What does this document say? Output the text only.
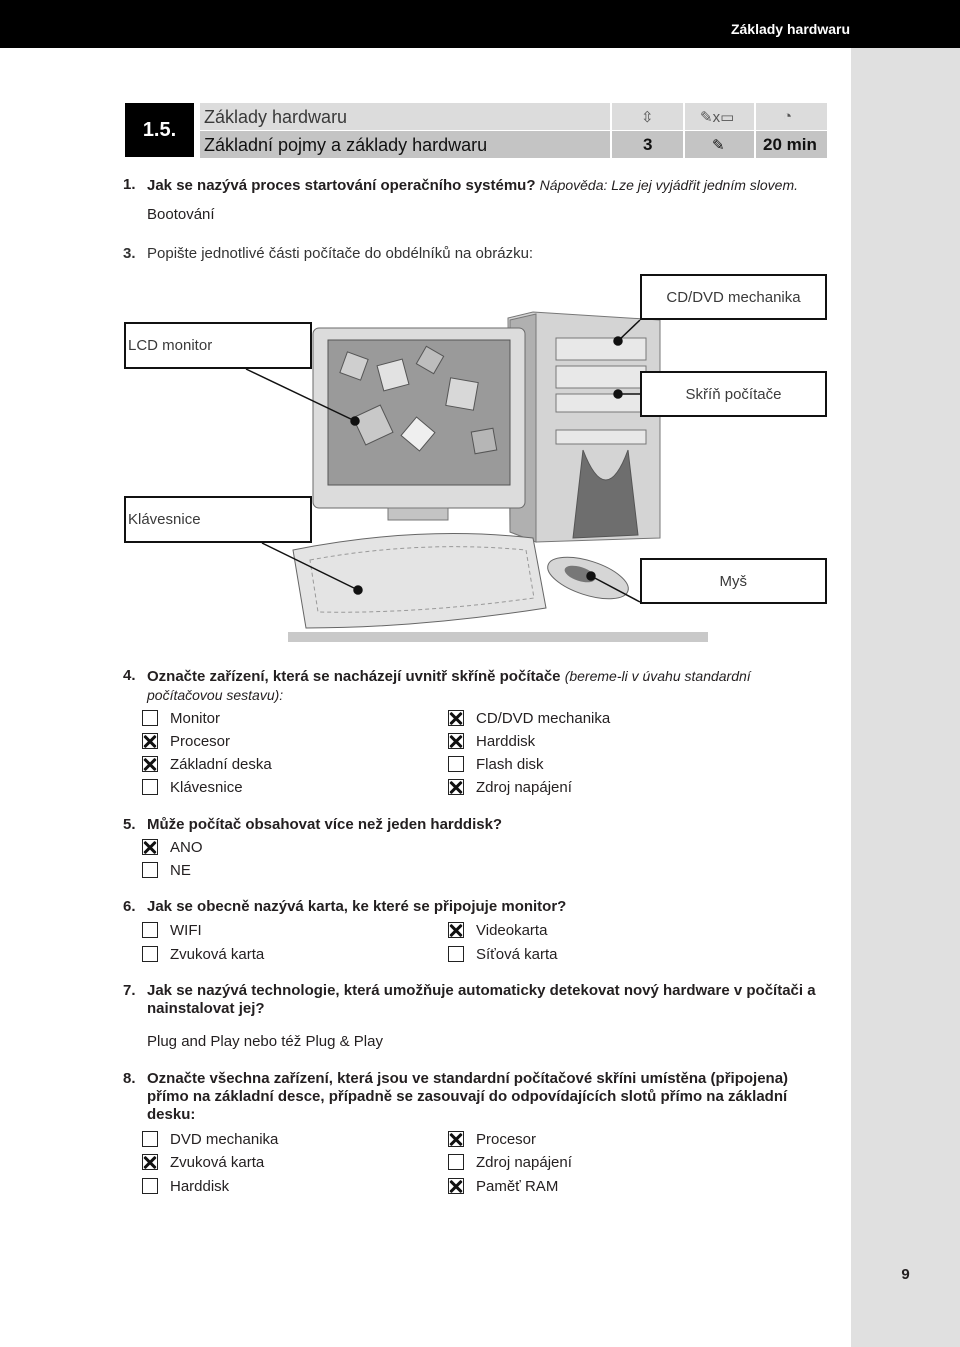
Základy hardwaru
9
1.5.
Základy hardwaru	⇳	✎x▭	◔
Základní pojmy a základy hardwaru	3	✎ 20 min
1. Jak se nazývá proces startování operačního systému? Nápověda: Lze jej vyjádřit jedním slovem.
Bootování
3. Popište jednotlivé části počítače do obdélníků na obrázku:
CD/DVD mechanika
LCD monitor
Skříň počítače
Klávesnice
Myš
4. Označte zařízení, která se nacházejí uvnitř skříně počítače (bereme-li v úvahu standardní počítačovou sestavu):
Monitor
Procesor
Základní deska
Klávesnice
CD/DVD mechanika
Harddisk
Flash disk
Zdroj napájení
5. Může počítač obsahovat více než jeden harddisk?
ANO
NE
6. Jak se obecně nazývá karta, ke které se připojuje monitor?
WIFI
Zvuková karta
Videokarta
Síťová karta
7. Jak se nazývá technologie, která umožňuje automaticky detekovat nový hardware v počítači a nainstalovat jej?
Plug and Play nebo též Plug & Play
8. Označte všechna zařízení, která jsou ve standardní počítačové skříni umístěna (připojena) přímo na základní desce, případně se zasouvají do odpovídajících slotů přímo na základní desku:
DVD mechanika
Zvuková karta
Harddisk
Procesor
Zdroj napájení
Paměť RAM
